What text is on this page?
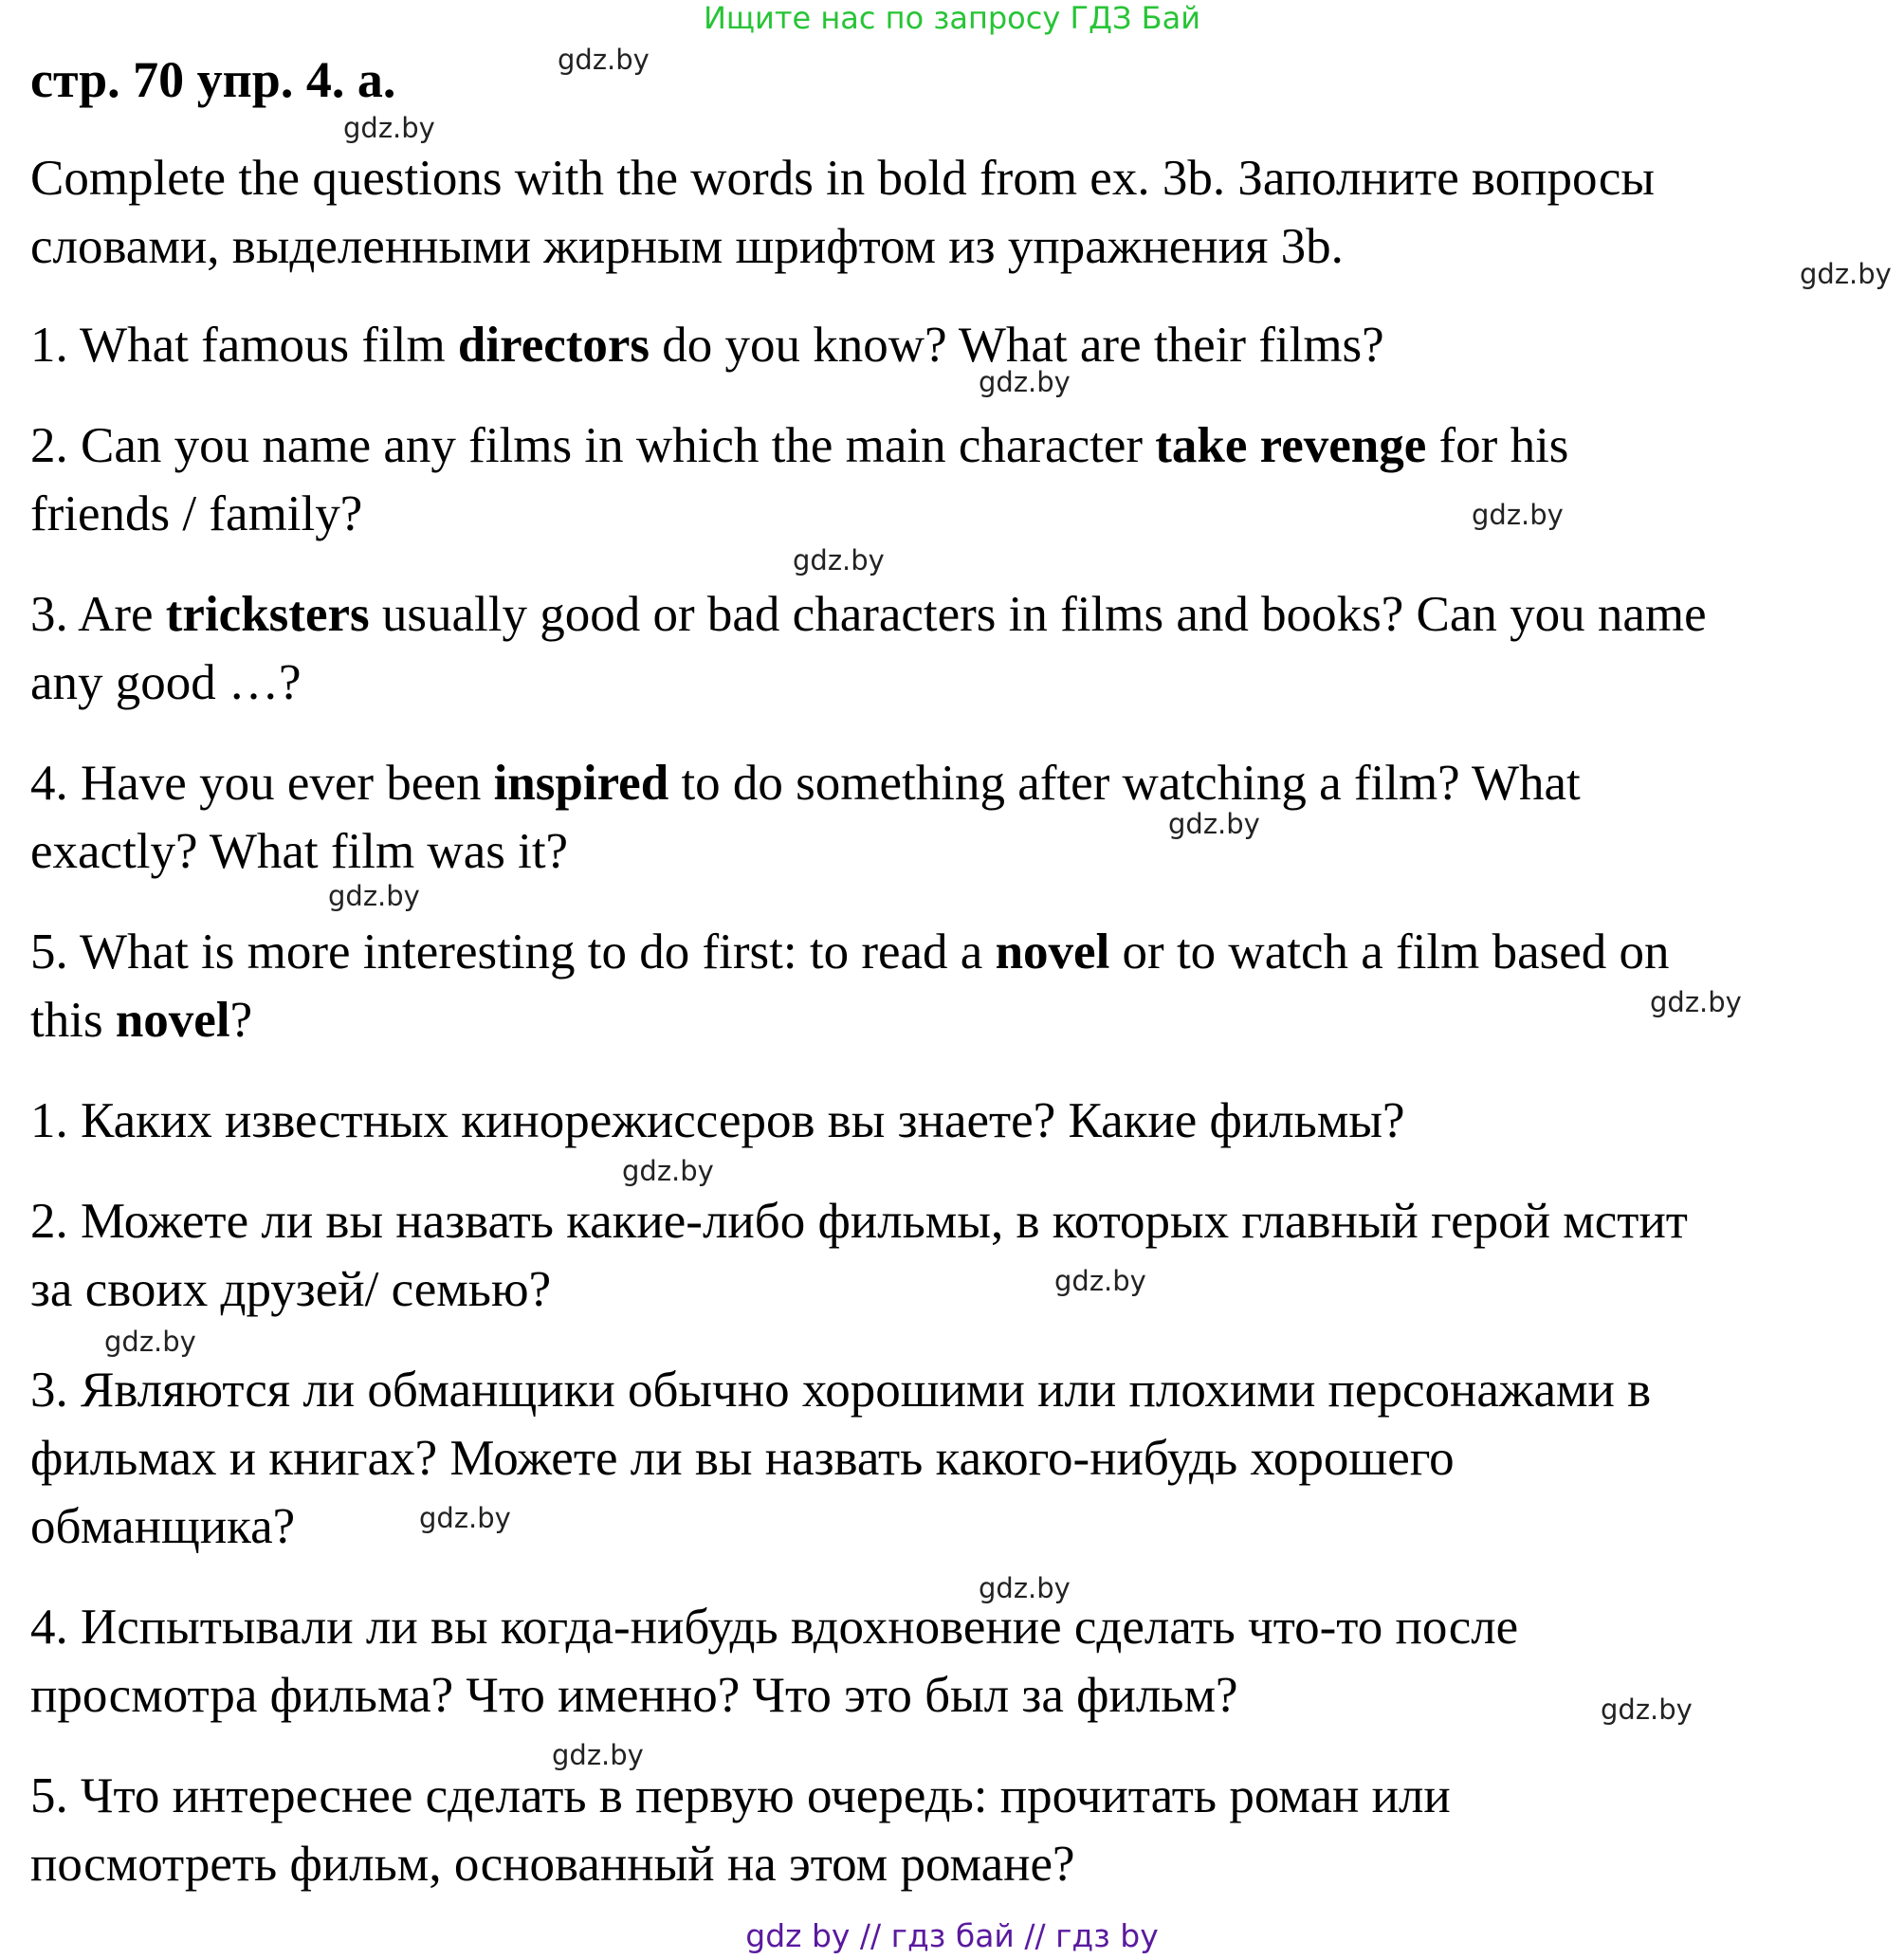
Ищите нас по запросу ГДЗ Бай
стр. 70 упр. 4. а.
Complete the questions with the words in bold from ex. 3b. Заполните вопросы
словами, выделенными жирным шрифтом из упражнения 3b.
1. What famous film directors do you know? What are their films?
2. Can you name any films in which the main character take revenge for his
friends / family?
3. Are tricksters usually good or bad characters in films and books? Can you name
any good …?
4. Have you ever been inspired to do something after watching a film? What
exactly? What film was it?
5. What is more interesting to do first: to read a novel or to watch a film based on
this novel?
1. Каких известных кинорежиссеров вы знаете? Какие фильмы?
2. Можете ли вы назвать какие-либо фильмы, в которых главный герой мстит
за своих друзей/ семью?
3. Являются ли обманщики обычно хорошими или плохими персонажами в
фильмах и книгах? Можете ли вы назвать какого-нибудь хорошего
обманщика?
4. Испытывали ли вы когда-нибудь вдохновение сделать что-то после
просмотра фильма? Что именно? Что это был за фильм?
5. Что интереснее сделать в первую очередь: прочитать роман или
посмотреть фильм, основанный на этом романе?
gdz.by
gdz.by
gdz.by
gdz.by
gdz.by
gdz.by
gdz.by
gdz.by
gdz.by
gdz.by
gdz.by
gdz.by
gdz.by
gdz.by
gdz.by
gdz.by
gdz by // гдз бай // гдз by
